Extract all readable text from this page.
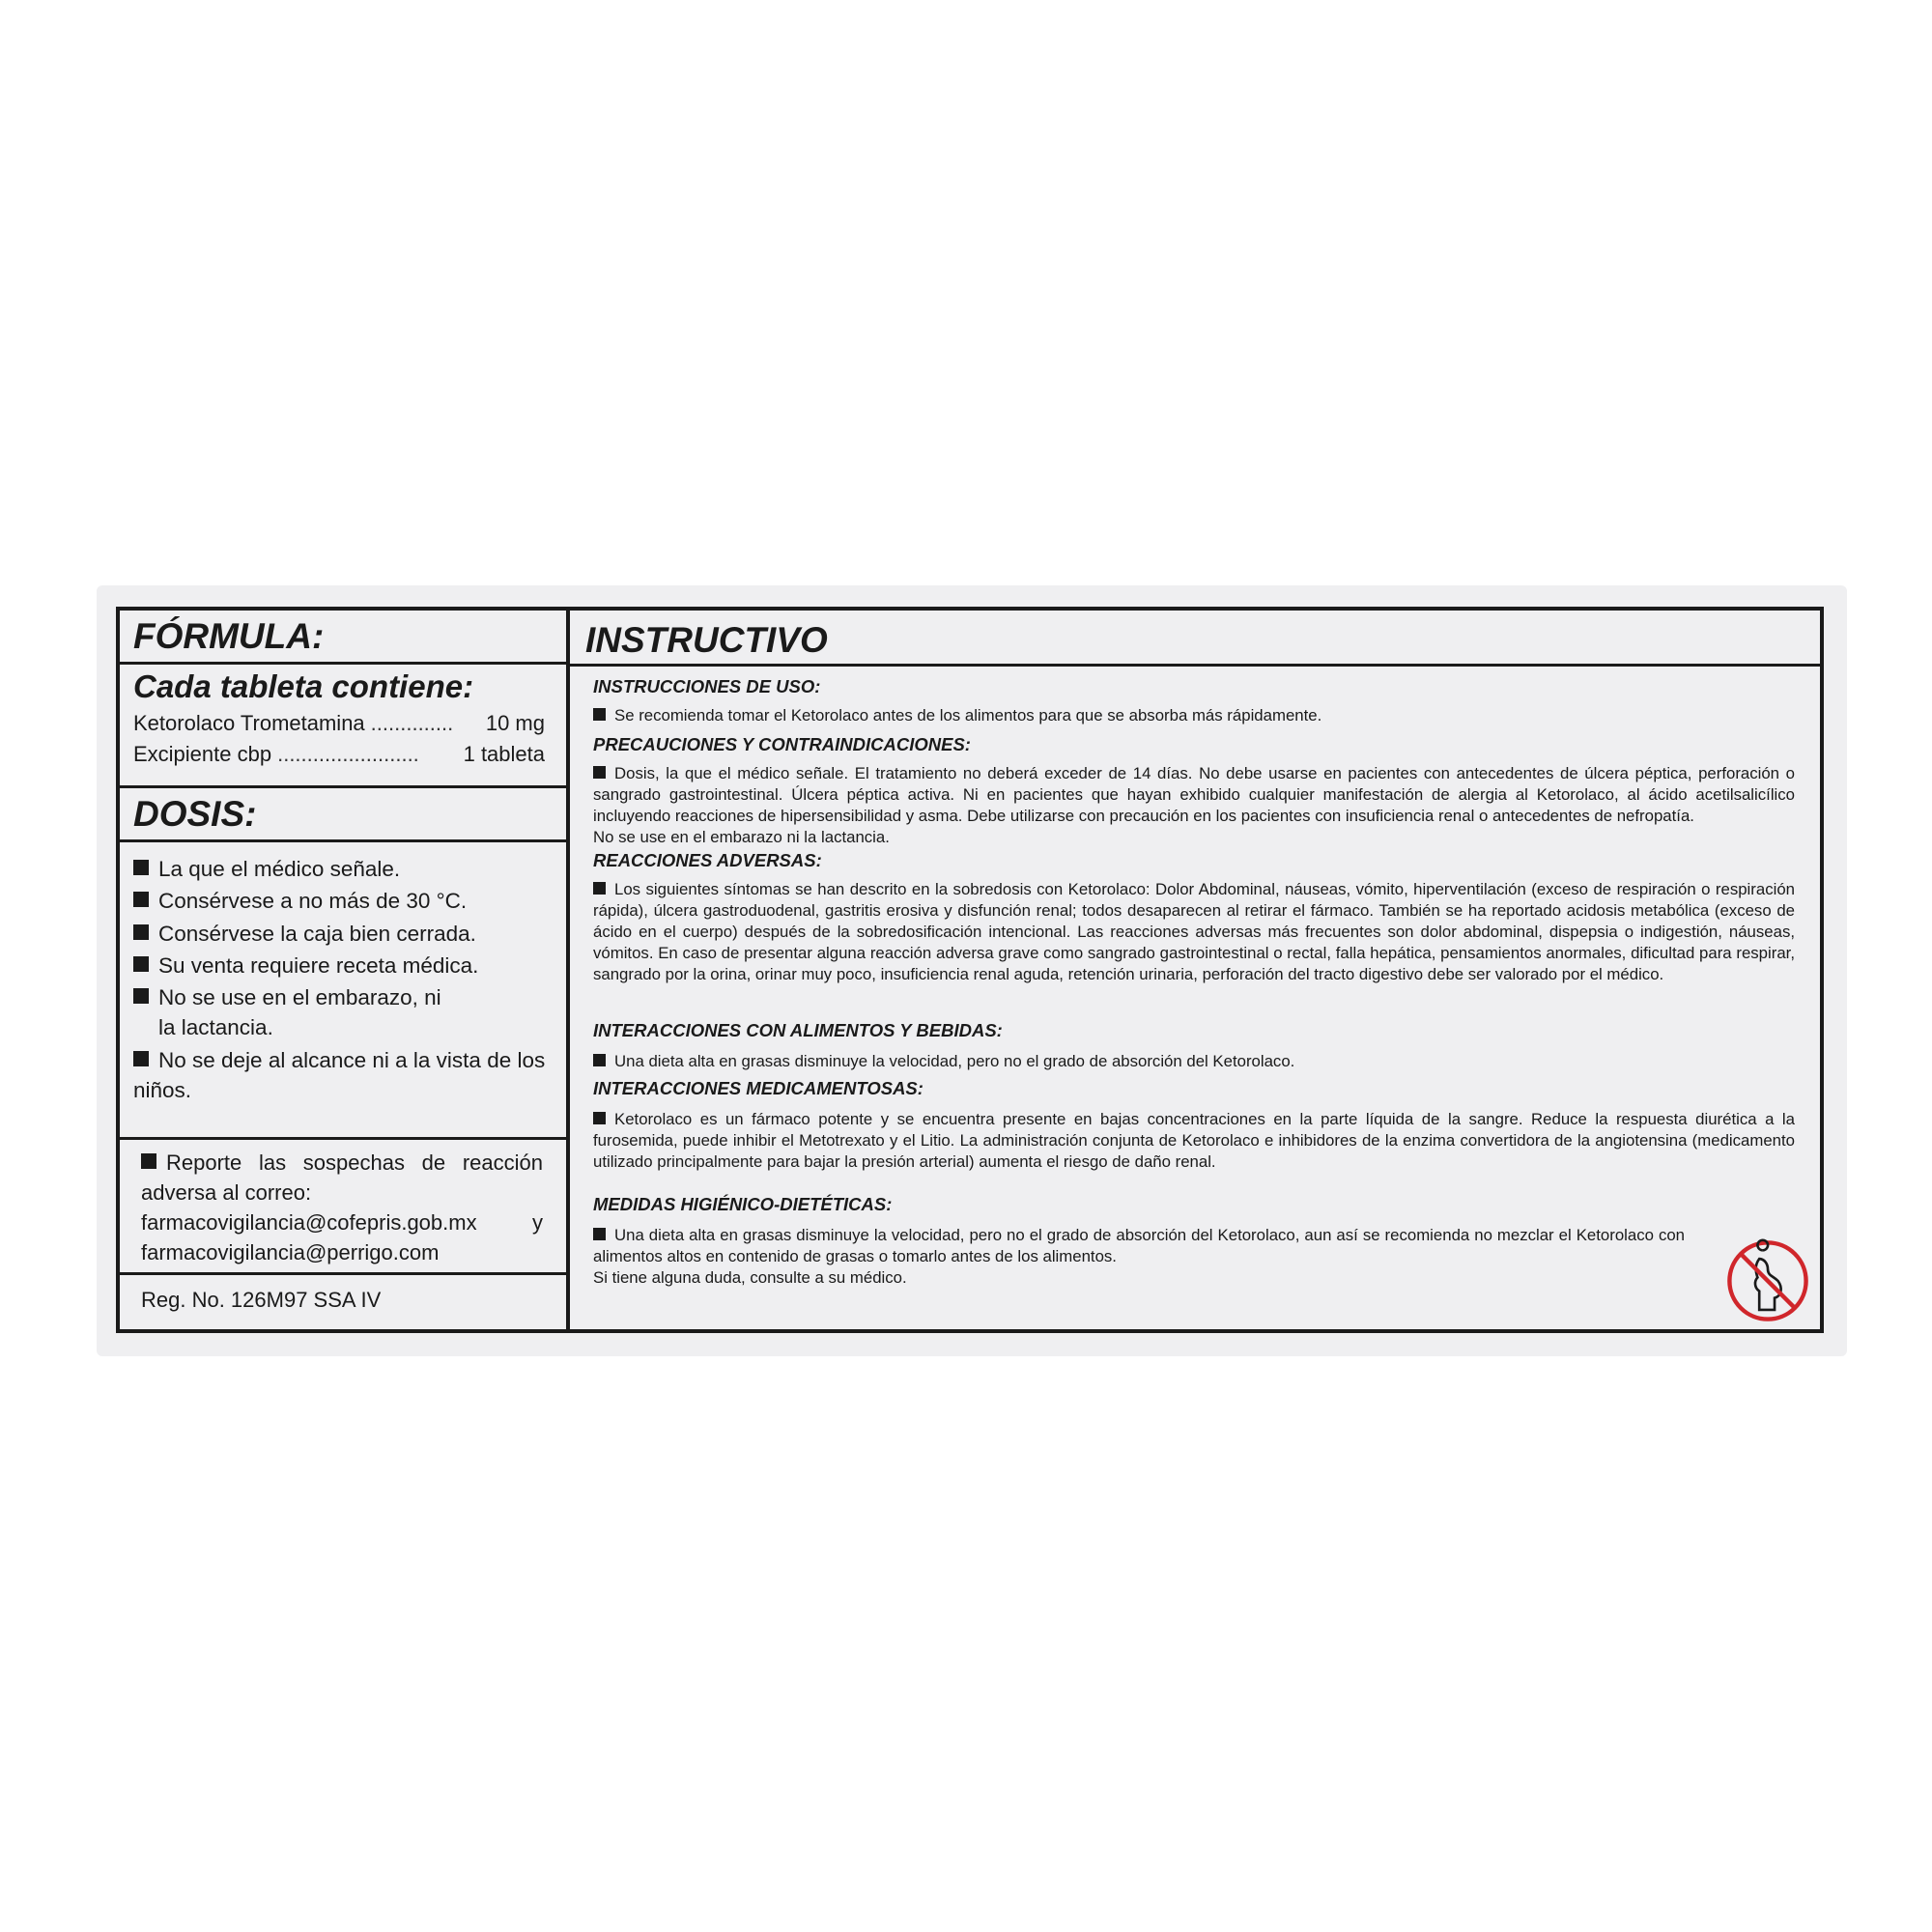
FÓRMULA:
Cada tableta contiene:
Ketorolaco Trometamina ..............	10 mg
Excipiente cbp ........................	1 tableta
DOSIS:
La que el médico señale.
Consérvese a no más de 30 °C.
Consérvese la caja bien cerrada.
Su venta requiere receta médica.
No se use en el embarazo, ni la lactancia.
No se deje al alcance ni a la vista de los niños.
Reporte las sospechas de reacción
adversa al correo:
farmacovigilancia@cofepris.gob.mx	y
farmacovigilancia@perrigo.com
Reg. No. 126M97 SSA IV
INSTRUCTIVO
INSTRUCCIONES DE USO:
Se recomienda tomar el Ketorolaco antes de los alimentos para que se absorba más rápidamente.
PRECAUCIONES Y CONTRAINDICACIONES:
Dosis, la que el médico señale. El tratamiento no deberá exceder de 14 días. No debe usarse en pacientes con antecedentes de úlcera péptica, perforación o sangrado gastrointestinal. Úlcera péptica activa. Ni en pacientes que hayan exhibido cualquier manifestación de alergia al Ketorolaco, al ácido acetilsalicílico incluyendo reacciones de hipersensibilidad y asma. Debe utilizarse con precaución en los pacientes con insuficiencia renal o antecedentes de nefropatía.
No se use en el embarazo ni la lactancia.
REACCIONES ADVERSAS:
Los siguientes síntomas se han descrito en la sobredosis con Ketorolaco: Dolor Abdominal, náuseas, vómito, hiperventilación (exceso de respiración o respiración rápida), úlcera gastroduodenal, gastritis erosiva y disfunción renal; todos desaparecen al retirar el fármaco. También se ha reportado acidosis metabólica (exceso de ácido en el cuerpo) después de la sobredosificación intencional. Las reacciones adversas más frecuentes son dolor abdominal, dispepsia o indigestión, náuseas, vómitos. En caso de presentar alguna reacción adversa grave como sangrado gastrointestinal o rectal, falla hepática, pensamientos anormales, dificultad para respirar, sangrado por la orina, orinar muy poco, insuficiencia renal aguda, retención urinaria, perforación del tracto digestivo debe ser valorado por el médico.
INTERACCIONES CON ALIMENTOS Y BEBIDAS:
Una dieta alta en grasas disminuye la velocidad, pero no el grado de absorción del Ketorolaco.
INTERACCIONES MEDICAMENTOSAS:
Ketorolaco es un fármaco potente y se encuentra presente en bajas concentraciones en la parte líquida de la sangre. Reduce la respuesta diurética a la furosemida, puede inhibir el Metotrexato y el Litio. La administración conjunta de Ketorolaco e inhibidores de la enzima convertidora de la angiotensina (medicamento utilizado principalmente para bajar la presión arterial) aumenta el riesgo de daño renal.
MEDIDAS HIGIÉNICO-DIETÉTICAS:
Una dieta alta en grasas disminuye la velocidad, pero no el grado de absorción del Ketorolaco, aun así se recomienda no mezclar el Ketorolaco con alimentos altos en contenido de grasas o tomarlo antes de los alimentos.
Si tiene alguna duda, consulte a su médico.
